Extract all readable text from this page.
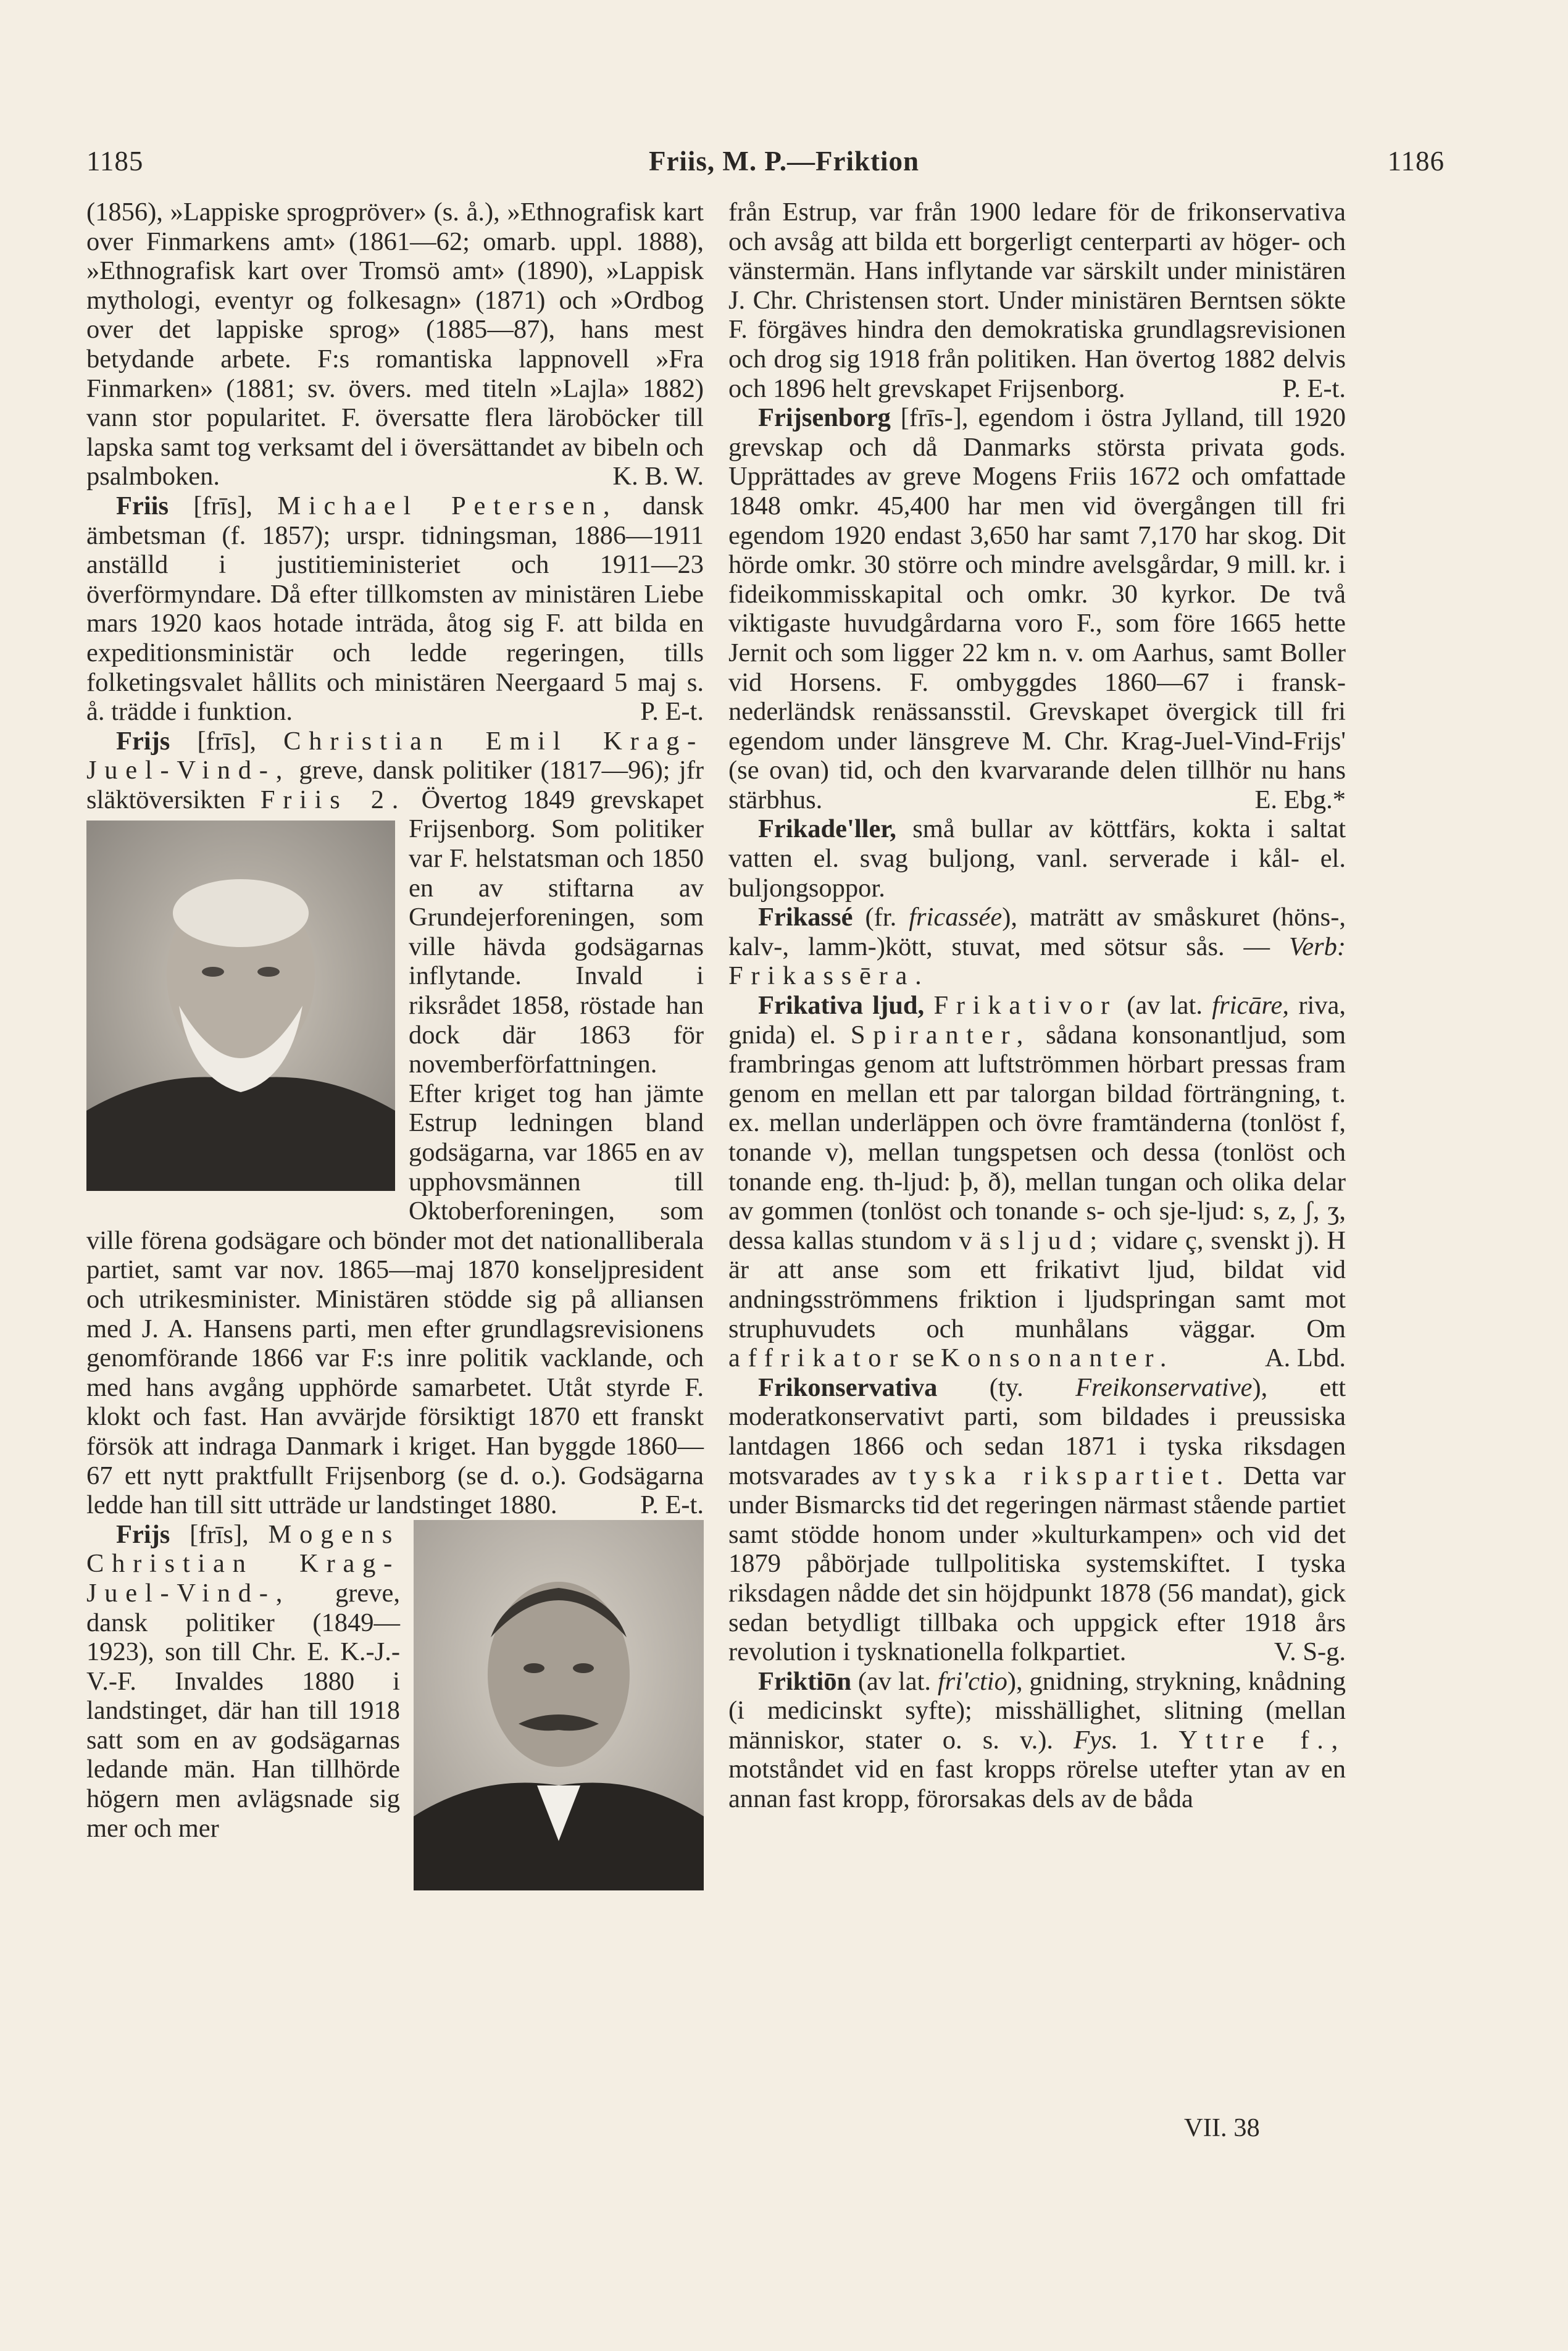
1185	Friis, M. P.—Friktion	1186

(1856), »Lappiske sprogpröver» (s. å.), »Ethnografisk kart over Finmarkens amt» (1861—62; omarb. uppl. 1888), »Ethnografisk kart over Tromsö amt» (1890), »Lappisk mythologi, eventyr og folkesagn» (1871) och »Ordbog over det lappiske sprog» (1885—87), hans mest betydande arbete. F:s romantiska lappnovell »Fra Finmarken» (1881; sv. övers. med titeln »Lajla» 1882) vann stor popularitet. F. översatte flera läroböcker till lapska samt tog verksamt del i översättandet av bibeln och psalmboken.	K. B. W.

Friis [frīs], Michael Petersen, dansk ämbetsman (f. 1857); urspr. tidningsman, 1886—1911 anställd i justitieministeriet och 1911—23 överförmyndare. Då efter tillkomsten av ministären Liebe mars 1920 kaos hotade inträda, åtog sig F. att bilda en expeditionsministär och ledde regeringen, tills folketingsvalet hållits och ministären Neergaard 5 maj s. å. trädde i funktion.	P. E-t.

Frijs [frīs], Christian Emil Krag-Juel-Vind-, greve, dansk politiker (1817—96); jfr släktöversikten Friis 2. Övertog 1849 grevskapet Frijsenborg. Som politiker var F. helstatsman och 1850 en av stiftarna av Grundejerforeningen, som ville hävda godsägarnas inflytande. Invald i riksrådet 1858, röstade han dock där 1863 för novemberförfattningen. Efter kriget tog han jämte Estrup ledningen bland godsägarna, var 1865 en av upphovsmännen till Oktoberforeningen, som ville förena godsägare och bönder mot det nationalliberala partiet, samt var nov. 1865—maj 1870 konseljpresident och utrikesminister. Ministären stödde sig på alliansen med J. A. Hansens parti, men efter grundlagsrevisionens genomförande 1866 var F:s inre politik vacklande, och med hans avgång upphörde samarbetet. Utåt styrde F. klokt och fast. Han avvärjde försiktigt 1870 ett franskt försök att indraga Danmark i kriget. Han byggde 1860—67 ett nytt praktfullt Frijsenborg (se d. o.). Godsägarna ledde han till sitt utträde ur landstinget 1880.	P. E-t.

Frijs [frīs], Mogens Christian Krag-Juel-Vind-, greve, dansk politiker (1849—1923), son till Chr. E. K.-J.-V.-F. Invaldes 1880 i landstinget, där han till 1918 satt som en av godsägarnas ledande män. Han tillhörde högern men avlägsnade sig mer och mer

från Estrup, var från 1900 ledare för de frikonservativa och avsåg att bilda ett borgerligt centerparti av höger- och vänstermän. Hans inflytande var särskilt under ministären J. Chr. Christensen stort. Under ministären Berntsen sökte F. förgäves hindra den demokratiska grundlagsrevisionen och drog sig 1918 från politiken. Han övertog 1882 delvis och 1896 helt grevskapet Frijsenborg.	P. E-t.

Frijsenborg [frīs-], egendom i östra Jylland, till 1920 grevskap och då Danmarks största privata gods. Upprättades av greve Mogens Friis 1672 och omfattade 1848 omkr. 45,400 har men vid övergången till fri egendom 1920 endast 3,650 har samt 7,170 har skog. Dit hörde omkr. 30 större och mindre avelsgårdar, 9 mill. kr. i fideikommisskapital och omkr. 30 kyrkor. De två viktigaste huvudgårdarna voro F., som före 1665 hette Jernit och som ligger 22 km n. v. om Aarhus, samt Boller vid Horsens. F. ombyggdes 1860—67 i fransk-nederländsk renässansstil. Grevskapet övergick till fri egendom under länsgreve M. Chr. Krag-Juel-Vind-Frijs' (se ovan) tid, och den kvarvarande delen tillhör nu hans stärbhus.	E. Ebg.*

Frikade'ller, små bullar av köttfärs, kokta i saltat vatten el. svag buljong, vanl. serverade i kål- el. buljongsoppor.

Frikassé (fr. fricassée), maträtt av småskuret (höns-, kalv-, lamm-)kött, stuvat, med sötsur sås. — Verb: Frikassēra.

Frikativa ljud, Frikativor (av lat. fricāre, riva, gnida) el. Spiranter, sådana konsonantljud, som frambringas genom att luftströmmen hörbart pressas fram genom en mellan ett par talorgan bildad förträngning, t. ex. mellan underläppen och övre framtänderna (tonlöst f, tonande v), mellan tungspetsen och dessa (tonlöst och tonande eng. th-ljud: þ, ð), mellan tungan och olika delar av gommen (tonlöst och tonande s- och sje-ljud: s, z, ʃ, ʒ, dessa kallas stundom väsljud; vidare ç, svenskt j). H är att anse som ett frikativt ljud, bildat vid andningsströmmens friktion i ljudspringan samt mot struphuvudets och munhålans väggar. Om affrikator se Konsonanter.	A. Lbd.

Frikonservativa (ty. Freikonservative), ett moderatkonservativt parti, som bildades i preussiska lantdagen 1866 och sedan 1871 i tyska riksdagen motsvarades av tyska rikspartiet. Detta var under Bismarcks tid det regeringen närmast stående partiet samt stödde honom under »kulturkampen» och vid det 1879 påbörjade tullpolitiska systemskiftet. I tyska riksdagen nådde det sin höjdpunkt 1878 (56 mandat), gick sedan betydligt tillbaka och uppgick efter 1918 års revolution i tysknationella folkpartiet.	V. S-g.

Friktiōn (av lat. fri'ctio), gnidning, strykning, knådning (i medicinskt syfte); misshällighet, slitning (mellan människor, stater o. s. v.). Fys. 1. Yttre f., motståndet vid en fast kropps rörelse utefter ytan av en annan fast kropp, förorsakas dels av de båda

VII. 38
